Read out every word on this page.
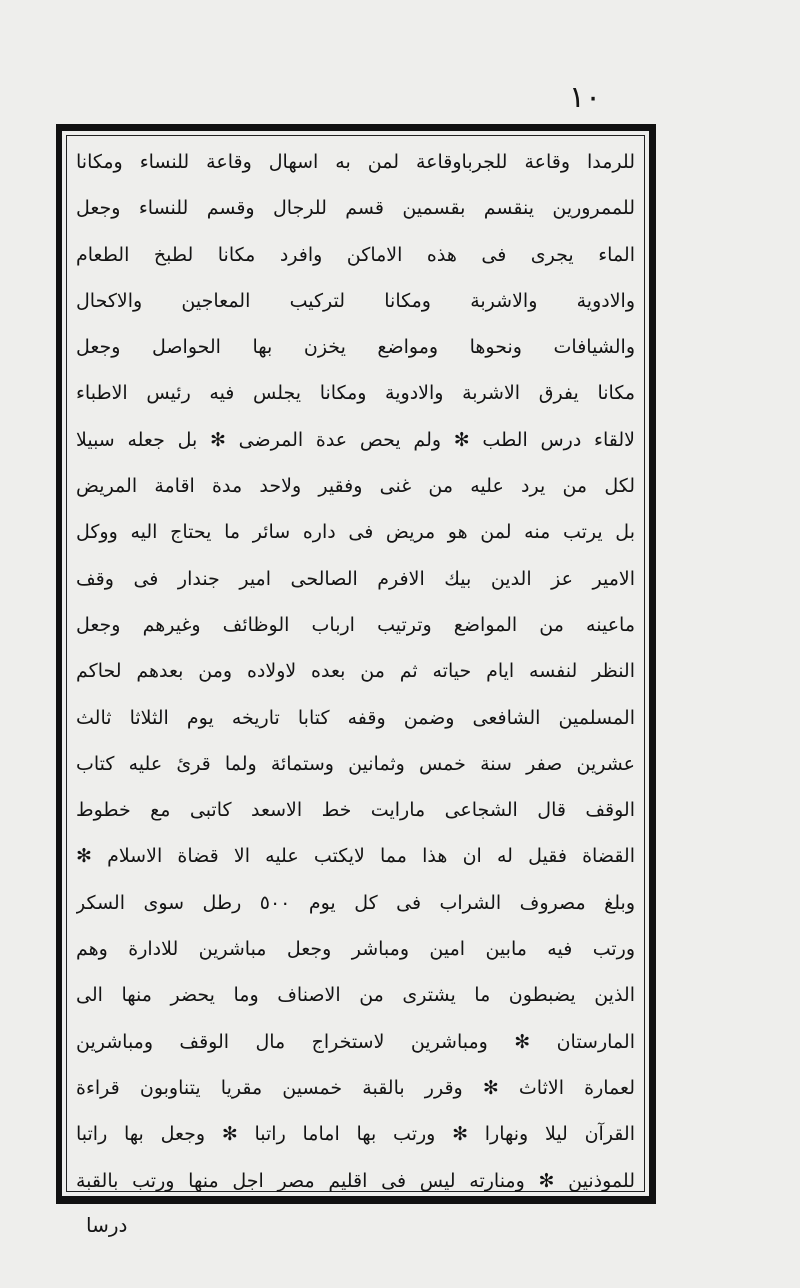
١٠
للرمدا وقاعة للجرباوقاعة لمن به اسهال وقاعة للنساء ومكانا
للممرورين ينقسم بقسمين قسم للرجال وقسم للنساء وجعل
الماء يجرى فى هذه الاماكن وافرد مكانا لطبخ الطعام
والادوية والاشربة ومكانا لتركيب المعاجين والاكحال
والشيافات ونحوها ومواضع يخزن بها الحواصل وجعل
مكانا يفرق الاشربة والادوية ومكانا يجلس فيه رئيس الاطباء
لالقاء درس الطب ✻ ولم يحص عدة المرضى ✻ بل جعله سبيلا
لكل من يرد عليه من غنى وفقير ولاحد مدة اقامة المريض
بل يرتب منه لمن هو مريض فى داره سائر ما يحتاج اليه ووكل
الامير عز الدين بيك الافرم الصالحى امير جندار فى وقف
ماعينه من المواضع وترتيب ارباب الوظائف وغيرهم وجعل
النظر لنفسه ايام حياته ثم من بعده لاولاده ومن بعدهم لحاكم
المسلمين الشافعى وضمن وقفه كتابا تاريخه يوم الثلاثا ثالث
عشرين صفر سنة خمس وثمانين وستمائة ولما قرئ عليه كتاب
الوقف قال الشجاعى مارايت خط الاسعد كاتبى مع خطوط
القضاة فقيل له ان هذا مما لايكتب عليه الا قضاة الاسلام ✻
وبلغ مصروف الشراب فى كل يوم ٥٠٠ رطل سوى السكر
ورتب فيه مابين امين ومباشر وجعل مباشرين للادارة وهم
الذين يضبطون ما يشترى من الاصناف وما يحضر منها الى
المارستان ✻ ومباشرين لاستخراج مال الوقف ومباشرين
لعمارة الاثاث ✻ وقرر بالقبة خمسين مقريا يتناوبون قراءة
القرآن ليلا ونهارا ✻ ورتب بها اماما راتبا ✻ وجعل بها راتبا
للموذنين ✻ ومنارته ليس فى اقليم مصر اجل منها ورتب بالقبة
درسا
